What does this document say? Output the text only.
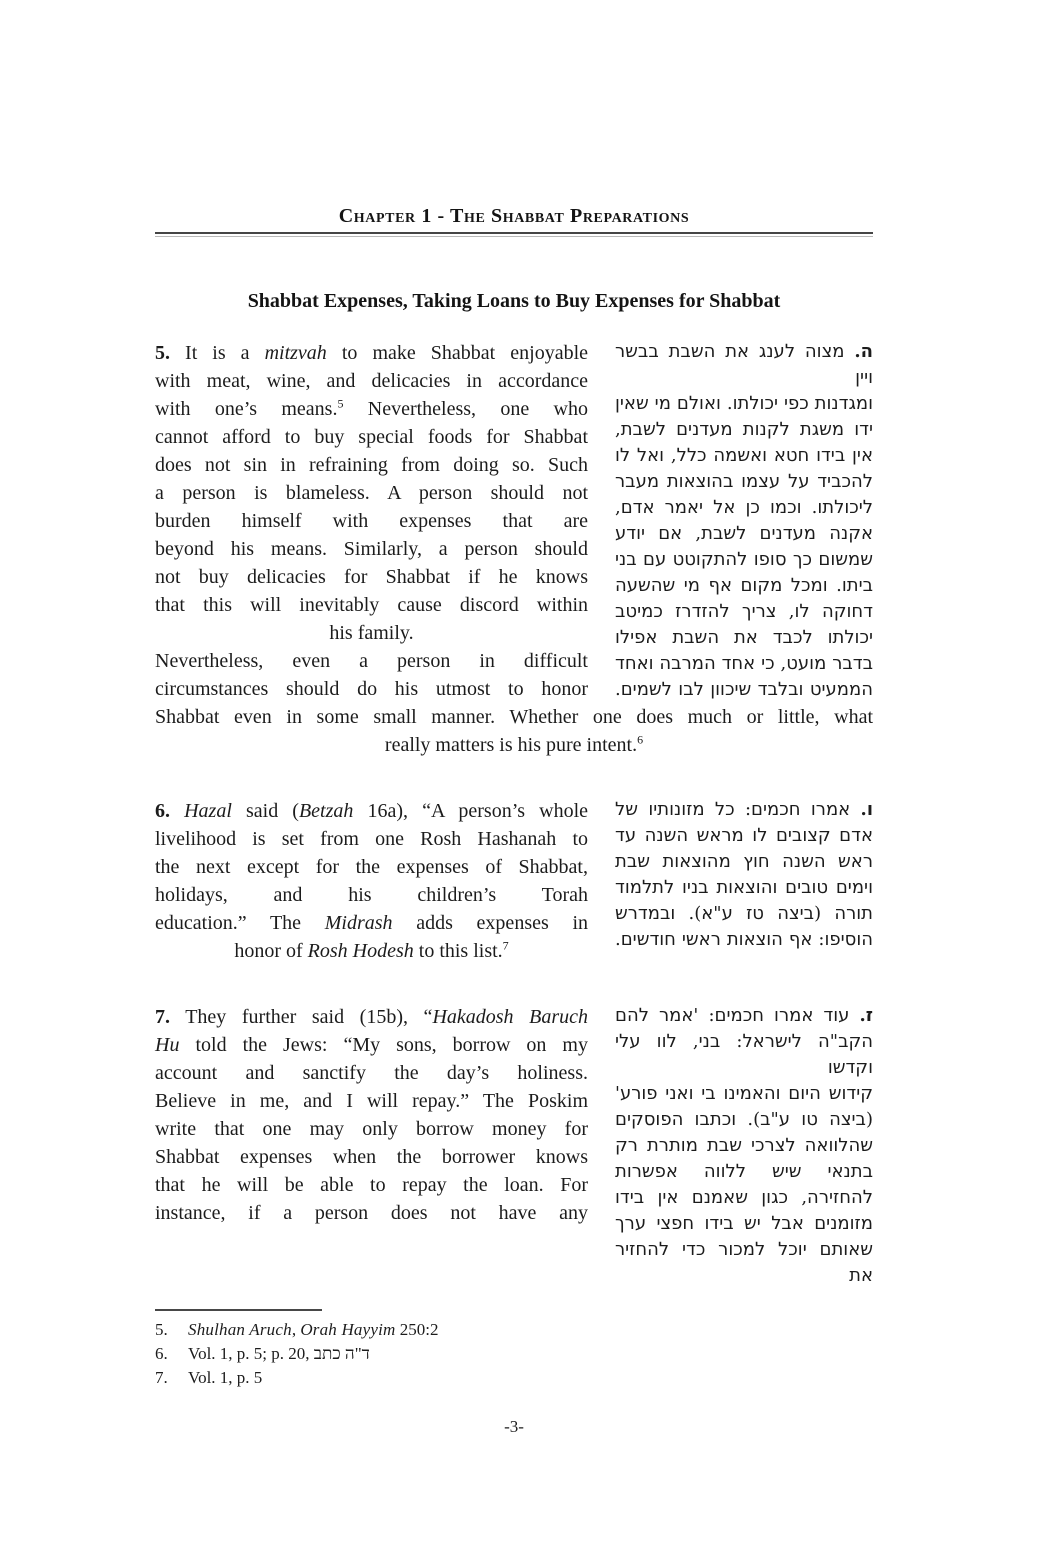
Chapter 1 - The Shabbat Preparations
Shabbat Expenses, Taking Loans to Buy Expenses for Shabbat
5. It is a mitzvah to make Shabbat enjoyable
with meat, wine, and delicacies in accordance
with one’s means.$^5$ Nevertheless, one who
cannot afford to buy special foods for Shabbat
does not sin in refraining from doing so. Such
a person is blameless. A person should not
burden himself with expenses that are
beyond his means. Similarly, a person should
not buy delicacies for Shabbat if he knows
that this will inevitably cause discord within
his family.
Nevertheless, even a person in difficult
circumstances should do his utmost to honor
ה. מצוה לענג את השבת בבשר ויין
ומגדנות כפי יכולתו. ואולם מי שאין
ידו משגת לקנות מעדנים לשבת,
אין בידו חטא ואשמה כלל, ואל לו
להכביד על עצמו בהוצאות מעבר
ליכולתו. וכמו כן אל יאמר אדם,
אקנה מעדנים לשבת, אם יודע
שמשום כך סופו להתקוטט עם בני
ביתו. ומכל מקום אף מי שהשעה
דחוקה לו, צריך להזדרז כמיטב
יכולתו לכבד את השבת אפילו
בדבר מועט, כי אחד המרבה ואחד
הממעיט ובלבד שיכוון לבו לשמים.
Shabbat even in some small manner. Whether one does much or little, what
really matters is his pure intent.$^6$
6. Hazal said (Betzah 16a), “A person’s whole
livelihood is set from one Rosh Hashanah to
the next except for the expenses of Shabbat,
holidays, and his children’s Torah
education.” The Midrash adds expenses in
honor of Rosh Hodesh to this list.$^7$
ו. אמרו חכמים: כל מזונותיו של
אדם קצובים לו מראש השנה עד
ראש השנה חוץ מהוצאות שבת
וימים טובים והוצאות בניו לתלמוד
תורה (ביצה טז ע"א). ובמדרש
הוסיפו: אף הוצאות ראשי חודשים.
7. They further said (15b), “Hakadosh Baruch
Hu told the Jews: “My sons, borrow on my
account and sanctify the day’s holiness.
Believe in me, and I will repay.” The Poskim
write that one may only borrow money for
Shabbat expenses when the borrower knows
that he will be able to repay the loan. For
instance, if a person does not have any
ז. עוד אמרו חכמים: 'אמר להם
הקב"ה לישראל: בני, לוו עלי וקדשו
קידוש היום והאמינו בי ואני פורע'
(ביצה טו ע"ב). וכתבו הפוסקים
שהלוואה לצרכי שבת מותרת רק
בתנאי שיש ללווה אפשרות
להחזירה, כגון שאמנם אין בידו
מזומנים אבל יש בידו חפצי ערך
שאותם יוכל למכור כדי להחזיר את
5.	Shulhan Aruch, Orah Hayyim 250:2
6.	Vol. 1, p. 5; p. 20, ד"ה כתב
7.	Vol. 1, p. 5
-3-
